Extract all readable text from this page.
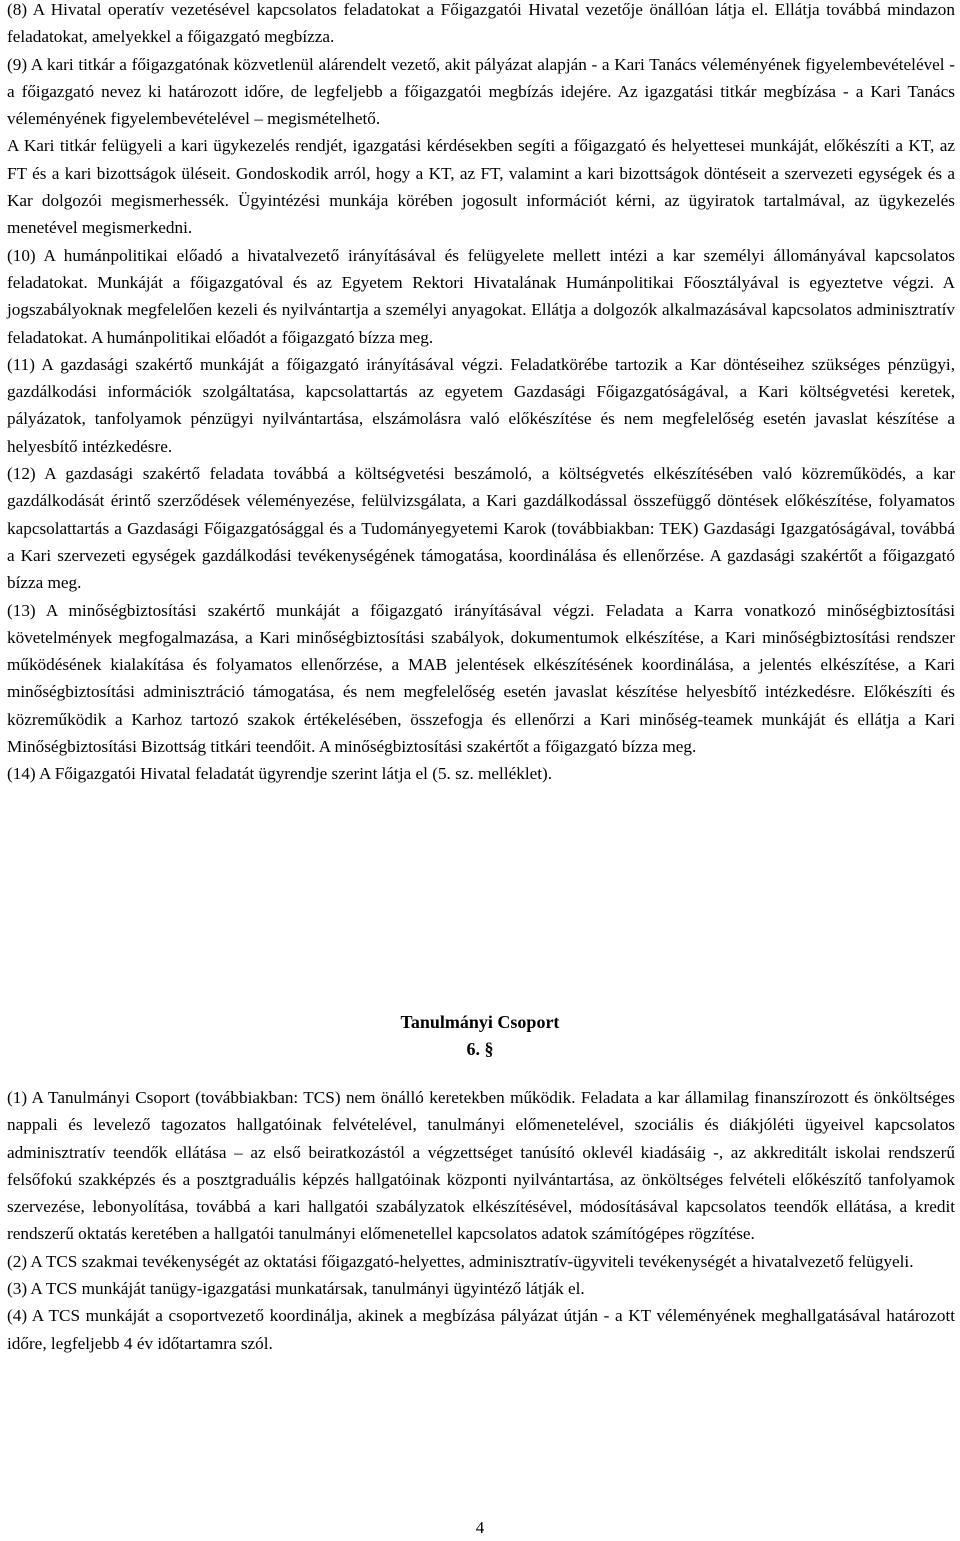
(8) A Hivatal operatív vezetésével kapcsolatos feladatokat a Főigazgatói Hivatal vezetője önállóan látja el. Ellátja továbbá mindazon feladatokat, amelyekkel a főigazgató megbízza.

(9) A kari titkár a főigazgatónak közvetlenül alárendelt vezető, akit pályázat alapján - a Kari Tanács véleményének figyelembevételével - a főigazgató nevez ki határozott időre, de legfeljebb a főigazgatói megbízás idejére. Az igazgatási titkár megbízása - a Kari Tanács véleményének figyelembevételével – megismételhető.

A Kari titkár felügyeli a kari ügykezelés rendjét, igazgatási kérdésekben segíti a főigazgató és helyettesei munkáját, előkészíti a KT, az FT és a kari bizottságok üléseit. Gondoskodik arról, hogy a KT, az FT, valamint a kari bizottságok döntéseit a szervezeti egységek és a Kar dolgozói megismerhessék. Ügyintézési munkája körében jogosult információt kérni, az ügyiratok tartalmával, az ügykezelés menetével megismerkedni.

(10) A humánpolitikai előadó a hivatalvezető irányításával és felügyelete mellett intézi a kar személyi állományával kapcsolatos feladatokat. Munkáját a főigazgatóval és az Egyetem Rektori Hivatalának Humánpolitikai Főosztályával is egyeztetve végzi. A jogszabályoknak megfelelően kezeli és nyilvántartja a személyi anyagokat. Ellátja a dolgozók alkalmazásával kapcsolatos adminisztratív feladatokat. A humánpolitikai előadót a főigazgató bízza meg.

(11) A gazdasági szakértő munkáját a főigazgató irányításával végzi. Feladatkörébe tartozik a Kar döntéseihez szükséges pénzügyi, gazdálkodási információk szolgáltatása, kapcsolattartás az egyetem Gazdasági Főigazgatóságával, a Kari költségvetési keretek, pályázatok, tanfolyamok pénzügyi nyilvántartása, elszámolásra való előkészítése és nem megfelelőség esetén javaslat készítése a helyesbítő intézkedésre.

(12) A gazdasági szakértő feladata továbbá a költségvetési beszámoló, a költségvetés elkészítésében való közreműködés, a kar gazdálkodását érintő szerződések véleményezése, felülvizsgálata, a Kari gazdálkodással összefüggő döntések előkészítése, folyamatos kapcsolattartás a Gazdasági Főigazgatósággal és a Tudományegyetemi Karok (továbbiakban: TEK) Gazdasági Igazgatóságával, továbbá a Kari szervezeti egységek gazdálkodási tevékenységének támogatása, koordinálása és ellenőrzése. A gazdasági szakértőt a főigazgató bízza meg.

(13) A minőségbiztosítási szakértő munkáját a főigazgató irányításával végzi. Feladata a Karra vonatkozó minőségbiztosítási követelmények megfogalmazása, a Kari minőségbiztosítási szabályok, dokumentumok elkészítése, a Kari minőségbiztosítási rendszer működésének kialakítása és folyamatos ellenőrzése, a MAB jelentések elkészítésének koordinálása, a jelentés elkészítése, a Kari minőségbiztosítási adminisztráció támogatása, és nem megfelelőség esetén javaslat készítése helyesbítő intézkedésre. Előkészíti és közreműködik a Karhoz tartozó szakok értékelésében, összefogja és ellenőrzi a Kari minőség-teamek munkáját és ellátja a Kari Minőségbiztosítási Bizottság titkári teendőit. A minőségbiztosítási szakértőt a főigazgató bízza meg.

(14) A Főigazgatói Hivatal feladatát ügyrendje szerint látja el (5. sz. melléklet).

Tanulmányi Csoport
6. §

(1) A Tanulmányi Csoport (továbbiakban: TCS) nem önálló keretekben működik. Feladata a kar államilag finanszírozott és önköltséges nappali és levelező tagozatos hallgatóinak felvételével, tanulmányi előmenetelével, szociális és diákjóléti ügyeivel kapcsolatos adminisztratív teendők ellátása – az első beiratkozástól a végzettséget tanúsító oklevél kiadásáig -, az akkreditált iskolai rendszerű felsőfokú szakképzés és a posztgraduális képzés hallgatóinak központi nyilvántartása, az önköltséges felvételi előkészítő tanfolyamok szervezése, lebonyolítása, továbbá a kari hallgatói szabályzatok elkészítésével, módosításával kapcsolatos teendők ellátása, a kredit rendszerű oktatás keretében a hallgatói tanulmányi előmenetellel kapcsolatos adatok számítógépes rögzítése.

(2) A TCS szakmai tevékenységét az oktatási főigazgató-helyettes, adminisztratív-ügyviteli tevékenységét a hivatalvezető felügyeli.

(3) A TCS munkáját tanügy-igazgatási munkatársak, tanulmányi ügyintéző látják el.

(4) A TCS munkáját a csoportvezető koordinálja, akinek a megbízása pályázat útján - a KT véleményének meghallgatásával határozott időre, legfeljebb 4 év időtartamra szól.

4
